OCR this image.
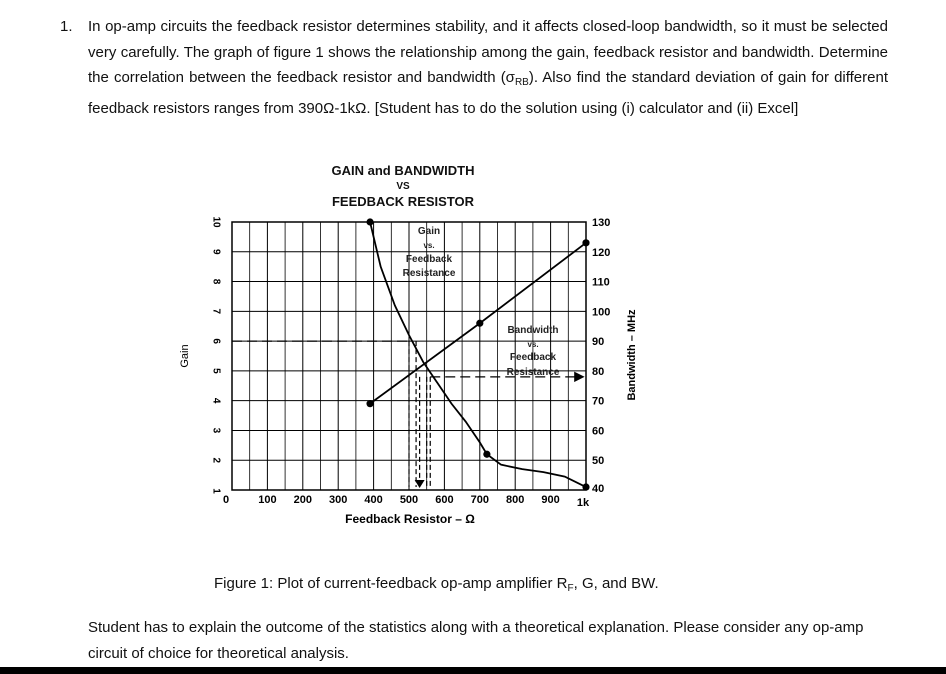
1. In op-amp circuits the feedback resistor determines stability, and it affects closed-loop bandwidth, so it must be selected very carefully. The graph of figure 1 shows the relationship among the gain, feedback resistor and bandwidth. Determine the correlation between the feedback resistor and bandwidth $(\sigma_{RB})$. Also find the standard deviation of gain for different feedback resistors ranges from 390Ω-1kΩ. [Student has to do the solution using (i) calculator and (ii) Excel]
GAIN and BANDWIDTH
VS
FEEDBACK RESISTOR
0	100 200 300 400 500 600 700 800 900 1k
1
2
3
4
5
6
7
8
9
10
40
50
60
70
80
90
100
110
120
130
Feedback Resistor – Ω
Gain	Bandwidth – MHz
Gain
vs.
Feedback
Resistance
Bandwidth
vs.
Feedback
Resistance
Figure 1: Plot of current-feedback op-amp amplifier $R_F$, G, and BW.
Student has to explain the outcome of the statistics along with a theoretical explanation. Please consider any op-amp circuit of choice for theoretical analysis.
